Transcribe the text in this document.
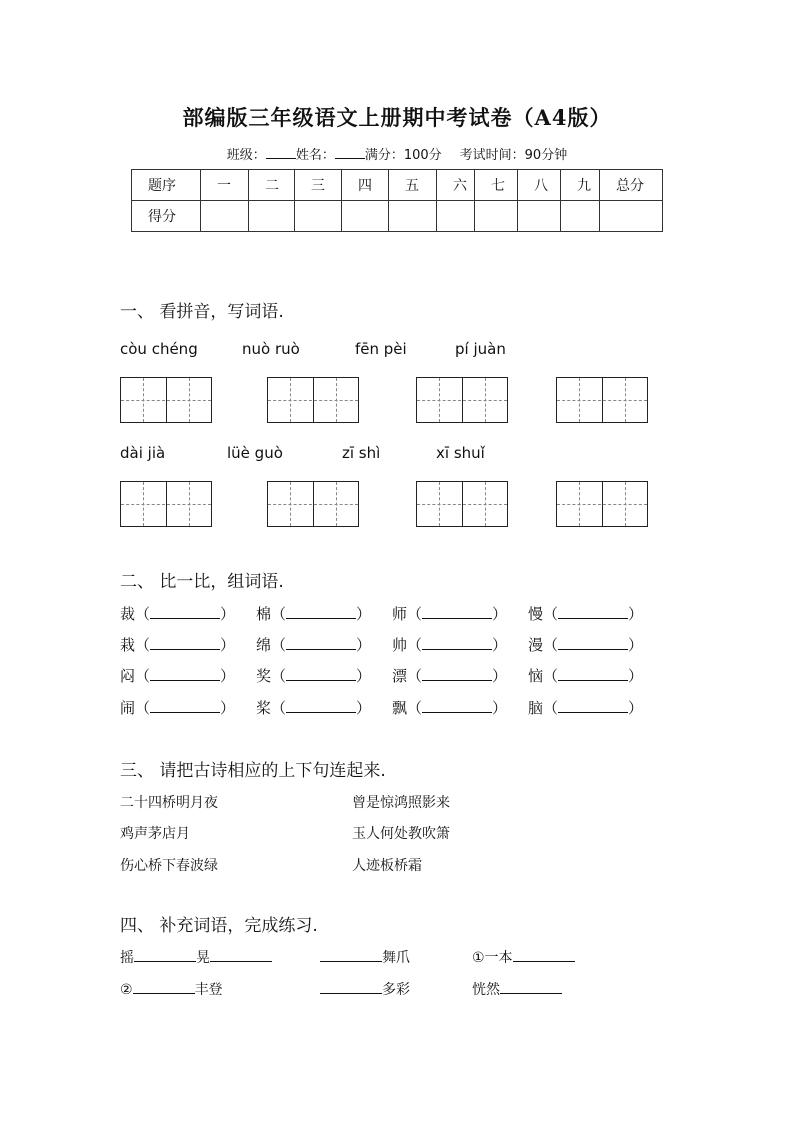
部编版三年级语文上册期中考试卷（A4版）
班级： 姓名： 满分：100分 考试时间：90分钟
题序	一	二	三	四	五	六	七	八	九	总分
得分										
一、 看拼音，写词语.
còu chéng	nuò ruò	fēn pèi	pí juàn
dài jià	lüè guò	zī shì	xī shuǐ
二、 比一比，组词语.
裁（	） 棉（	） 师（	） 慢（	）
栽（	） 绵（	） 帅（	） 漫（	）
闷（	） 奖（	） 漂（	） 恼（	）
闹（	） 桨（	） 飘（	） 脑（	）
三、 请把古诗相应的上下句连起来.
二十四桥明月夜	曾是惊鸿照影来
鸡声茅店月	玉人何处教吹箫
伤心桥下春波绿	人迹板桥霜
四、 补充词语，完成练习.
摇	晃	舞爪	①一本
②	丰登	多彩	恍然
